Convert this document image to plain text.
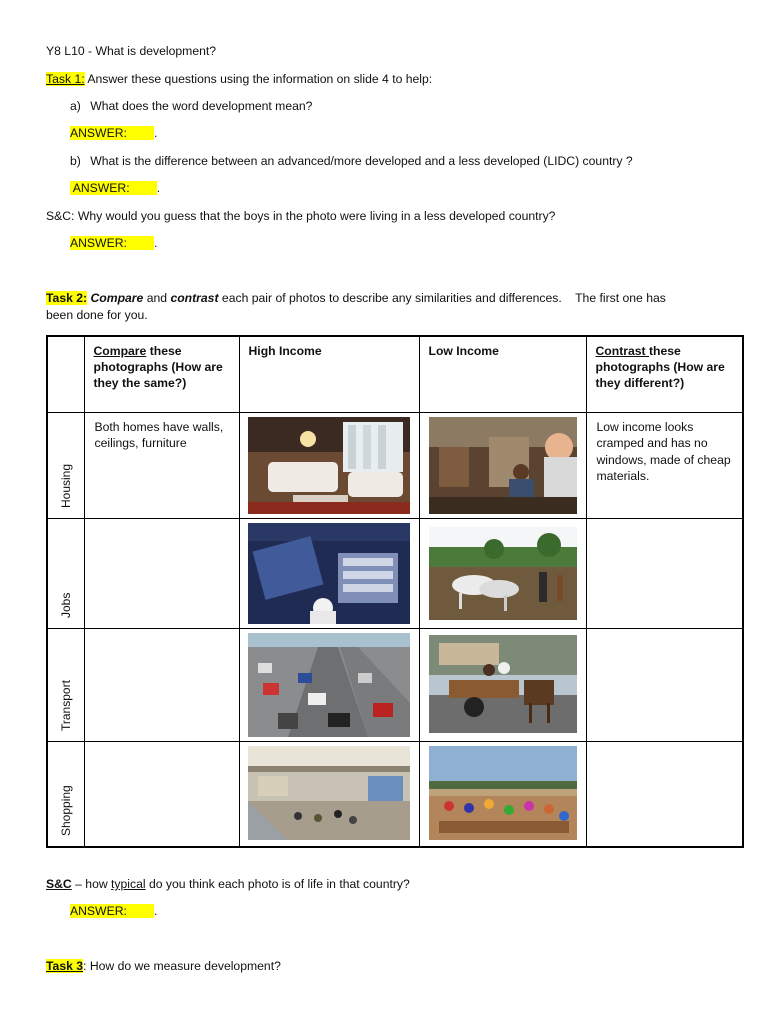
Y8 L10 - What is development?
Task 1: Answer these questions using the information on slide 4 to help:
a) What does the word development mean?
ANSWER:        .
b) What is the difference between an advanced/more developed and a less developed (LIDC) country ?
ANSWER:        .
S&C: Why would you guess that the boys in the photo were living in a less developed country?
ANSWER:        .
Task 2: Compare and contrast each pair of photos to describe any similarities and differences.    The first one has
been done for you.

	Compare these photographs (How are they the same?)	High Income	Low Income	Contrast these photographs (How are they different?)

Housing	Both homes have walls, ceilings, furniture			Low income looks cramped and has no windows, made of cheap materials.

Jobs

Transport

Shopping

S&C – how typical do you think each photo is of life in that country?
ANSWER:        .
Task 3: How do we measure development?
